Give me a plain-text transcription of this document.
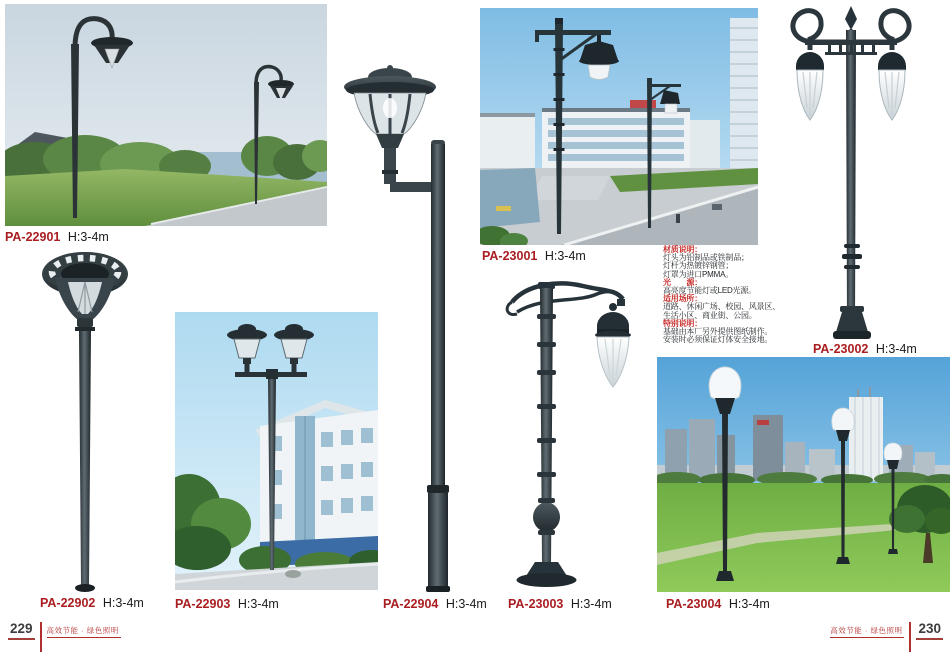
PA-22901 H:3-4m
PA-22902 H:3-4m PA-22903 H:3-4m	PA-22904 H:3-4m
PA-23001 H:3-4m	材质说明：
灯头为铝制品或铁制品；
灯杆为热镀锌钢管；
灯罩为进口PMMA。
光　　源：
高亮度节能灯或LED光源。
适用场所：
道路、休闲广场、校园、风景区、
生活小区、商业街、公园。
特别说明：
基础由本厂另外提供图纸制作。
安装时必须保证灯体安全接地。
PA-23002 H:3-4m
PA-23003 H:3-4m	PA-23004 H:3-4m
229 高效节能 · 绿色照明	高效节能 · 绿色照明 230
